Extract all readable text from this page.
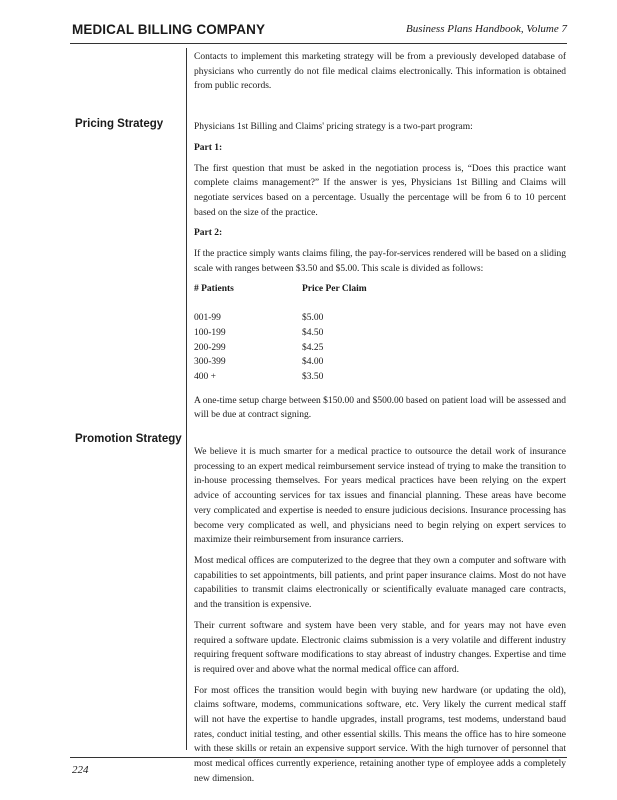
MEDICAL BILLING COMPANY	Business Plans Handbook, Volume 7
Pricing Strategy
Promotion Strategy

Contacts to implement this marketing strategy will be from a previously developed database of physicians who currently do not file medical claims electronically. This information is obtained from public records.

Physicians 1st Billing and Claims' pricing strategy is a two-part program:

Part 1:

The first question that must be asked in the negotiation process is, “Does this practice want complete claims management?” If the answer is yes, Physicians 1st Billing and Claims will negotiate services based on a percentage. Usually the percentage will be from 6 to 10 percent based on the size of the practice.

Part 2:

If the practice simply wants claims filing, the pay-for-services rendered will be based on a sliding scale with ranges between $3.50 and $5.00. This scale is divided as follows:

# Patients	Price Per Claim

001-99	$5.00
100-199	$4.50
200-299	$4.25
300-399	$4.00
400 +	$3.50

A one-time setup charge between $150.00 and $500.00 based on patient load will be assessed and will be due at contract signing.

We believe it is much smarter for a medical practice to outsource the detail work of insurance processing to an expert medical reimbursement service instead of trying to make the transition to in-house processing themselves. For years medical practices have been relying on the expert advice of accounting services for tax issues and financial planning. These areas have become very complicated and expertise is needed to ensure judicious decisions. Insurance processing has become very complicated as well, and physicians need to begin relying on expert services to maximize their reimbursement from insurance carriers.

Most medical offices are computerized to the degree that they own a computer and software with capabilities to set appointments, bill patients, and print paper insurance claims. Most do not have capabilities to transmit claims electronically or scientifically evaluate managed care contracts, and the transition is expensive.

Their current software and system have been very stable, and for years may not have even required a software update. Electronic claims submission is a very volatile and different industry requiring frequent software modifications to stay abreast of industry changes. Expertise and time is required over and above what the normal medical office can afford.

For most offices the transition would begin with buying new hardware (or updating the old), claims software, modems, communications software, etc. Very likely the current medical staff will not have the expertise to handle upgrades, install programs, test modems, understand baud rates, conduct initial testing, and other essential skills. This means the office has to hire someone with these skills or retain an expensive support service. With the high turnover of personnel that most medical offices currently experience, retaining another type of employee adds a completely new dimension.

224
